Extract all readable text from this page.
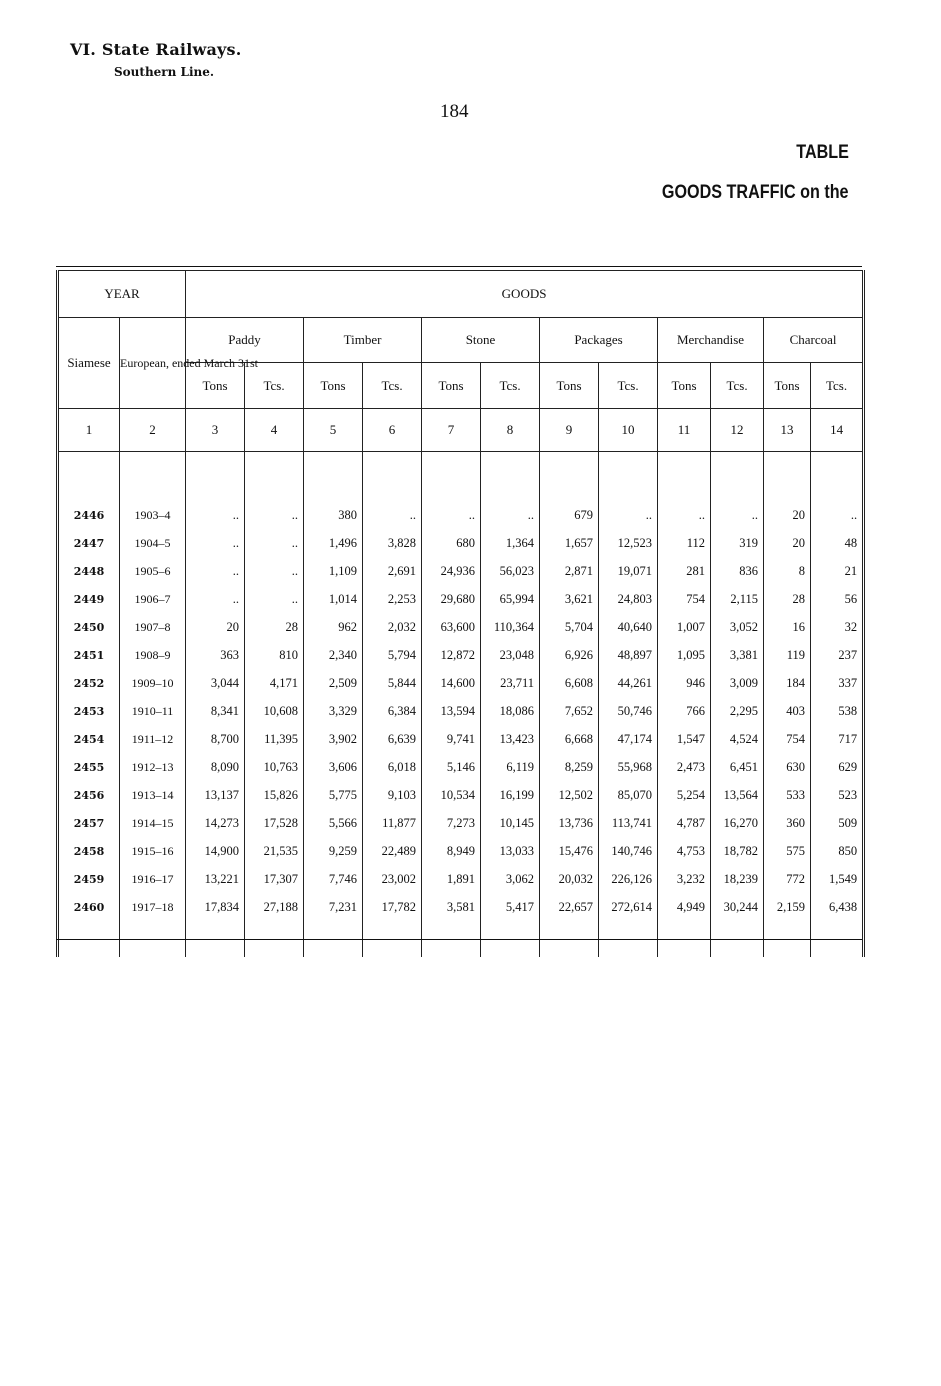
VI. State Railways.
Southern Line.
184
TABLE
GOODS TRAFFIC on the
YEAR		GOODS											
Siamese	European, ended March 31st	Paddy		Timber		Stone		Packages		Merchandise		Charcoal	
		Tons	Tcs.	Tons	Tcs.	Tons	Tcs.	Tons	Tcs.	Tons	Tcs.	Tons	Tcs.
1	2	3	4	5	6	7	8	9	10	11	12	13	14

2446	1903–4	..	..	380	..	..	..	679	..	..	..	20	..
2447	1904–5	..	..	1,496	3,828	680	1,364	1,657	12,523	112	319	20	48
2448	1905–6	..	..	1,109	2,691	24,936	56,023	2,871	19,071	281	836	8	21
2449	1906–7	..	..	1,014	2,253	29,680	65,994	3,621	24,803	754	2,115	28	56
2450	1907–8	20	28	962	2,032	63,600	110,364	5,704	40,640	1,007	3,052	16	32
2451	1908–9	363	810	2,340	5,794	12,872	23,048	6,926	48,897	1,095	3,381	119	237
2452	1909–10	3,044	4,171	2,509	5,844	14,600	23,711	6,608	44,261	946	3,009	184	337
2453	1910–11	8,341	10,608	3,329	6,384	13,594	18,086	7,652	50,746	766	2,295	403	538
2454	1911–12	8,700	11,395	3,902	6,639	9,741	13,423	6,668	47,174	1,547	4,524	754	717
2455	1912–13	8,090	10,763	3,606	6,018	5,146	6,119	8,259	55,968	2,473	6,451	630	629
2456	1913–14	13,137	15,826	5,775	9,103	10,534	16,199	12,502	85,070	5,254	13,564	533	523
2457	1914–15	14,273	17,528	5,566	11,877	7,273	10,145	13,736	113,741	4,787	16,270	360	509
2458	1915–16	14,900	21,535	9,259	22,489	8,949	13,033	15,476	140,746	4,753	18,782	575	850
2459	1916–17	13,221	17,307	7,746	23,002	1,891	3,062	20,032	226,126	3,232	18,239	772	1,549
2460	1917–18	17,834	27,188	7,231	17,782	3,581	5,417	22,657	272,614	4,949	30,244	2,159	6,438
